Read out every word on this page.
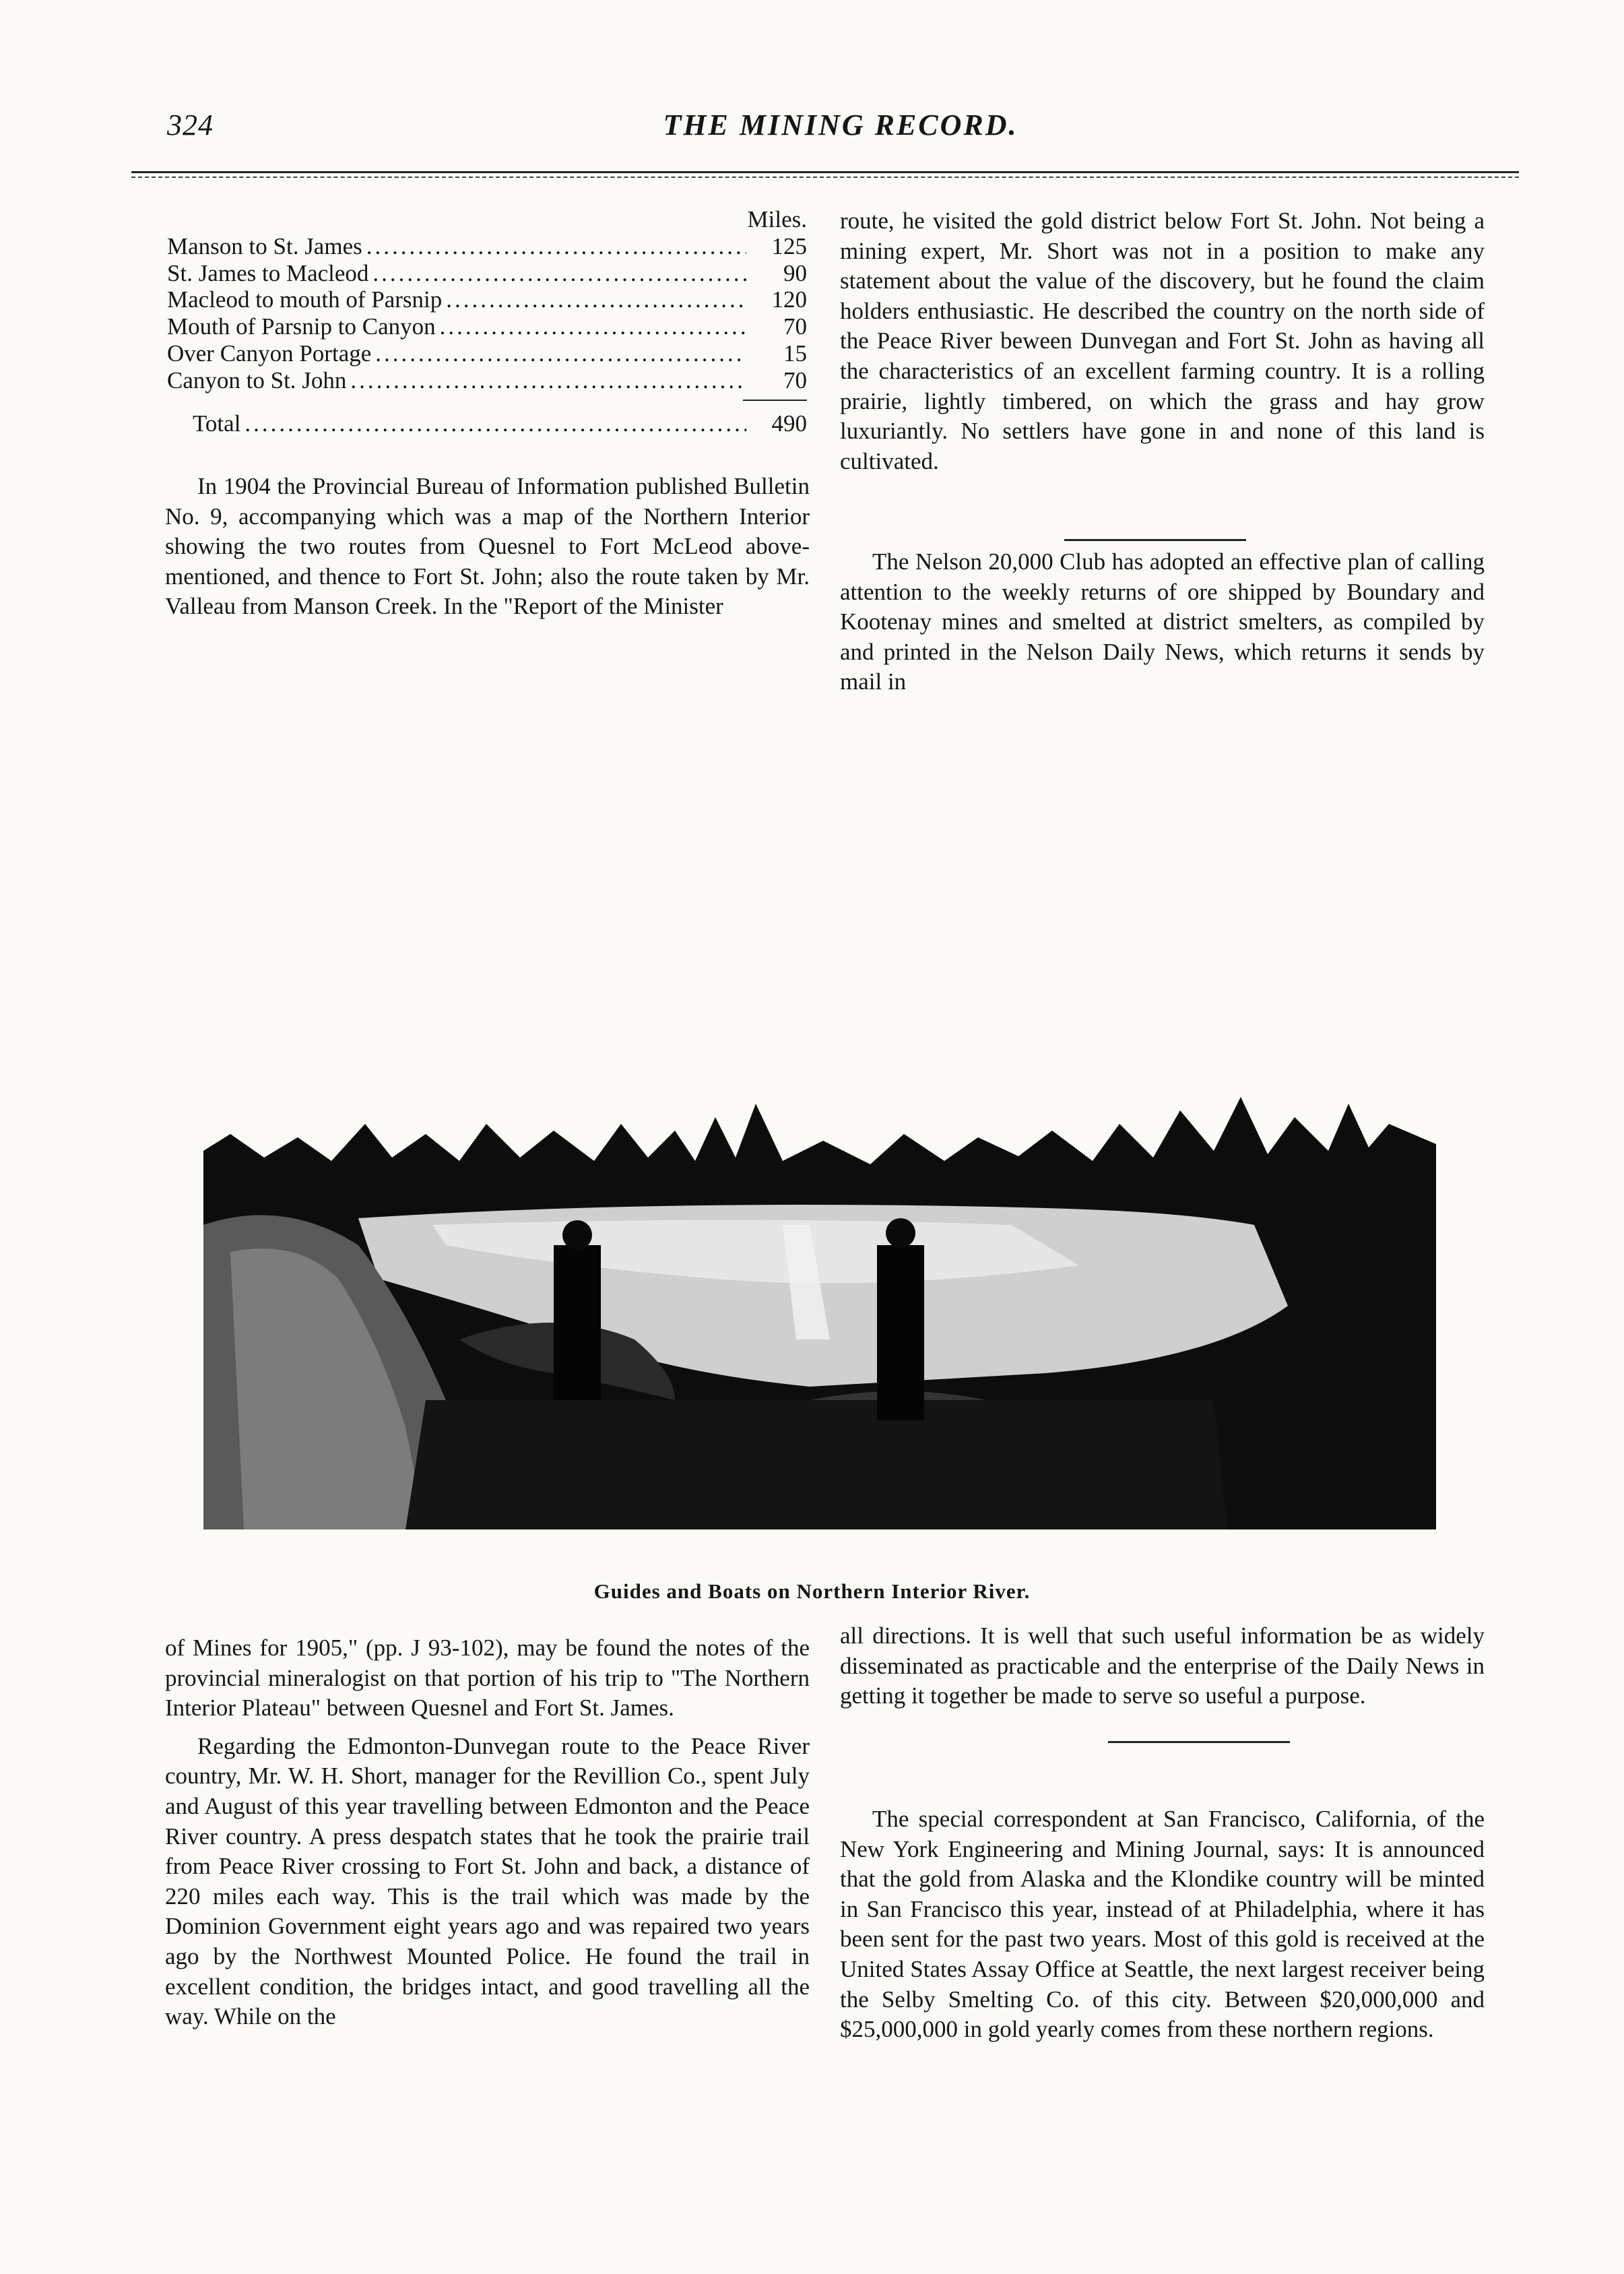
324	THE MINING RECORD.
Miles.
Manson to St. James .....	125
St. James to Macleod .....	90
Macleod to mouth of Parsnip .....	120
Mouth of Parsnip to Canyon .....	70
Over Canyon Portage .....	15
Canyon to St. John .....	70
Total .....	490

In 1904 the Provincial Bureau of Information published Bulletin No. 9, accompanying which was a map of the Northern Interior showing the two routes from Quesnel to Fort McLeod above-mentioned, and thence to Fort St. John; also the route taken by Mr. Valleau from Manson Creek. In the "Report of the Minister

route, he visited the gold district below Fort St. John. Not being a mining expert, Mr. Short was not in a position to make any statement about the value of the discovery, but he found the claim holders enthusiastic. He described the country on the north side of the Peace River beween Dunvegan and Fort St. John as having all the characteristics of an excellent farming country. It is a rolling prairie, lightly timbered, on which the grass and hay grow luxuriantly. No settlers have gone in and none of this land is cultivated.

The Nelson 20,000 Club has adopted an effective plan of calling attention to the weekly returns of ore shipped by Boundary and Kootenay mines and smelted at district smelters, as compiled by and printed in the Nelson Daily News, which returns it sends by mail in

Guides and Boats on Northern Interior River.

of Mines for 1905," (pp. J 93-102), may be found the notes of the provincial mineralogist on that portion of his trip to "The Northern Interior Plateau" between Quesnel and Fort St. James.

Regarding the Edmonton-Dunvegan route to the Peace River country, Mr. W. H. Short, manager for the Revillion Co., spent July and August of this year travelling between Edmonton and the Peace River country. A press despatch states that he took the prairie trail from Peace River crossing to Fort St. John and back, a distance of 220 miles each way. This is the trail which was made by the Dominion Government eight years ago and was repaired two years ago by the Northwest Mounted Police. He found the trail in excellent condition, the bridges intact, and good travelling all the way. While on the

all directions. It is well that such useful information be as widely disseminated as practicable and the enterprise of the Daily News in getting it together be made to serve so useful a purpose.

The special correspondent at San Francisco, California, of the New York Engineering and Mining Journal, says: It is announced that the gold from Alaska and the Klondike country will be minted in San Francisco this year, instead of at Philadelphia, where it has been sent for the past two years. Most of this gold is received at the United States Assay Office at Seattle, the next largest receiver being the Selby Smelting Co. of this city. Between $20,000,000 and $25,000,000 in gold yearly comes from these northern regions.
